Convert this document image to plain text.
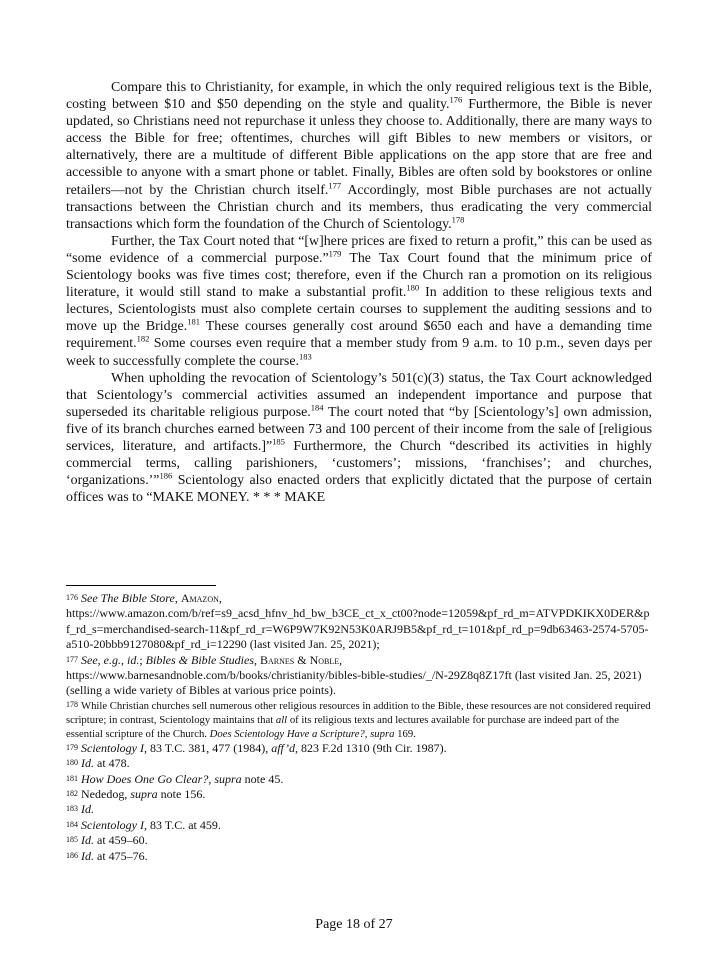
Compare this to Christianity, for example, in which the only required religious text is the Bible, costing between $10 and $50 depending on the style and quality.$^{176}$ Furthermore, the Bible is never updated, so Christians need not repurchase it unless they choose to. Additionally, there are many ways to access the Bible for free; oftentimes, churches will gift Bibles to new members or visitors, or alternatively, there are a multitude of different Bible applications on the app store that are free and accessible to anyone with a smart phone or tablet. Finally, Bibles are often sold by bookstores or online retailers—not by the Christian church itself.$^{177}$ Accordingly, most Bible purchases are not actually transactions between the Christian church and its members, thus eradicating the very commercial transactions which form the foundation of the Church of Scientology.$^{178}$

Further, the Tax Court noted that “[w]here prices are fixed to return a profit,” this can be used as “some evidence of a commercial purpose.”$^{179}$ The Tax Court found that the minimum price of Scientology books was five times cost; therefore, even if the Church ran a promotion on its religious literature, it would still stand to make a substantial profit.$^{180}$ In addition to these religious texts and lectures, Scientologists must also complete certain courses to supplement the auditing sessions and to move up the Bridge.$^{181}$ These courses generally cost around $650 each and have a demanding time requirement.$^{182}$ Some courses even require that a member study from 9 a.m. to 10 p.m., seven days per week to successfully complete the course.$^{183}$

When upholding the revocation of Scientology’s 501(c)(3) status, the Tax Court acknowledged that Scientology’s commercial activities assumed an independent importance and purpose that superseded its charitable religious purpose.$^{184}$ The court noted that “by [Scientology’s] own admission, five of its branch churches earned between 73 and 100 percent of their income from the sale of [religious services, literature, and artifacts.]”$^{185}$ Furthermore, the Church “described its activities in highly commercial terms, calling parishioners, ‘customers’; missions, ‘franchises’; and churches, ‘organizations.’”$^{186}$ Scientology also enacted orders that explicitly dictated that the purpose of certain offices was to “MAKE MONEY. * * * MAKE

$^{176}$ See The Bible Store, Amazon,
https://www.amazon.com/b/ref=s9_acsd_hfnv_hd_bw_b3CE_ct_x_ct00?node=12059&pf_rd_m=ATVPDKIKX0DER&pf_rd_s=merchandised-search-11&pf_rd_r=W6P9W7K92N53K0ARJ9B5&pf_rd_t=101&pf_rd_p=9db63463-2574-5705-a510-20bbb9127080&pf_rd_i=12290 (last visited Jan. 25, 2021);

$^{177}$ See, e.g., id.; Bibles & Bible Studies, Barnes & Noble,
https://www.barnesandnoble.com/b/books/christianity/bibles-bible-studies/_/N-29Z8q8Z17ft (last visited Jan. 25, 2021) (selling a wide variety of Bibles at various price points).

$^{178}$ While Christian churches sell numerous other religious resources in addition to the Bible, these resources are not considered required scripture; in contrast, Scientology maintains that all of its religious texts and lectures available for purchase are indeed part of the essential scripture of the Church. Does Scientology Have a Scripture?, supra 169.

$^{179}$ Scientology I, 83 T.C. 381, 477 (1984), aff’d, 823 F.2d 1310 (9th Cir. 1987).

$^{180}$ Id. at 478.

$^{181}$ How Does One Go Clear?, supra note 45.

$^{182}$ Nededog, supra note 156.

$^{183}$ Id.

$^{184}$ Scientology I, 83 T.C. at 459.

$^{185}$ Id. at 459–60.

$^{186}$ Id. at 475–76.

Page 18 of 27
